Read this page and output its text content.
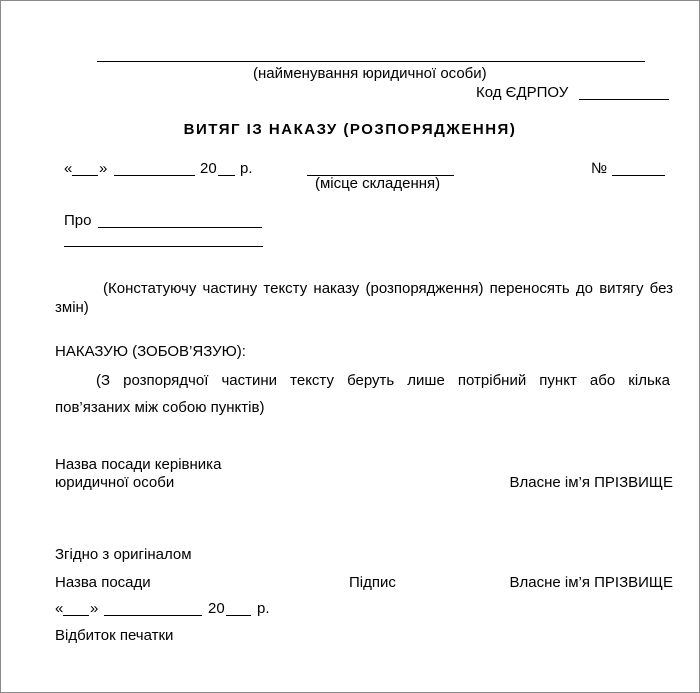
(найменування юридичної особи)
Код ЄДРПОУ
ВИТЯГ ІЗ НАКАЗУ (РОЗПОРЯДЖЕННЯ)
« »	20 р.
(місце складення)
№
Про
(Констатуючу частину тексту наказу (розпорядження) переносять до витягу без змін)
НАКАЗУЮ (ЗОБОВ’ЯЗУЮ):
(З розпорядчої частини тексту беруть лише потрібний пункт або кілька
пов’язаних між собою пунктів)
Назва посади керівника
юридичної особи	Власне ім’я ПРІЗВИЩЕ
Згідно з оригіналом
Назва посади	Підпис	Власне ім’я ПРІЗВИЩЕ
« »	20 р.
Відбиток печатки
